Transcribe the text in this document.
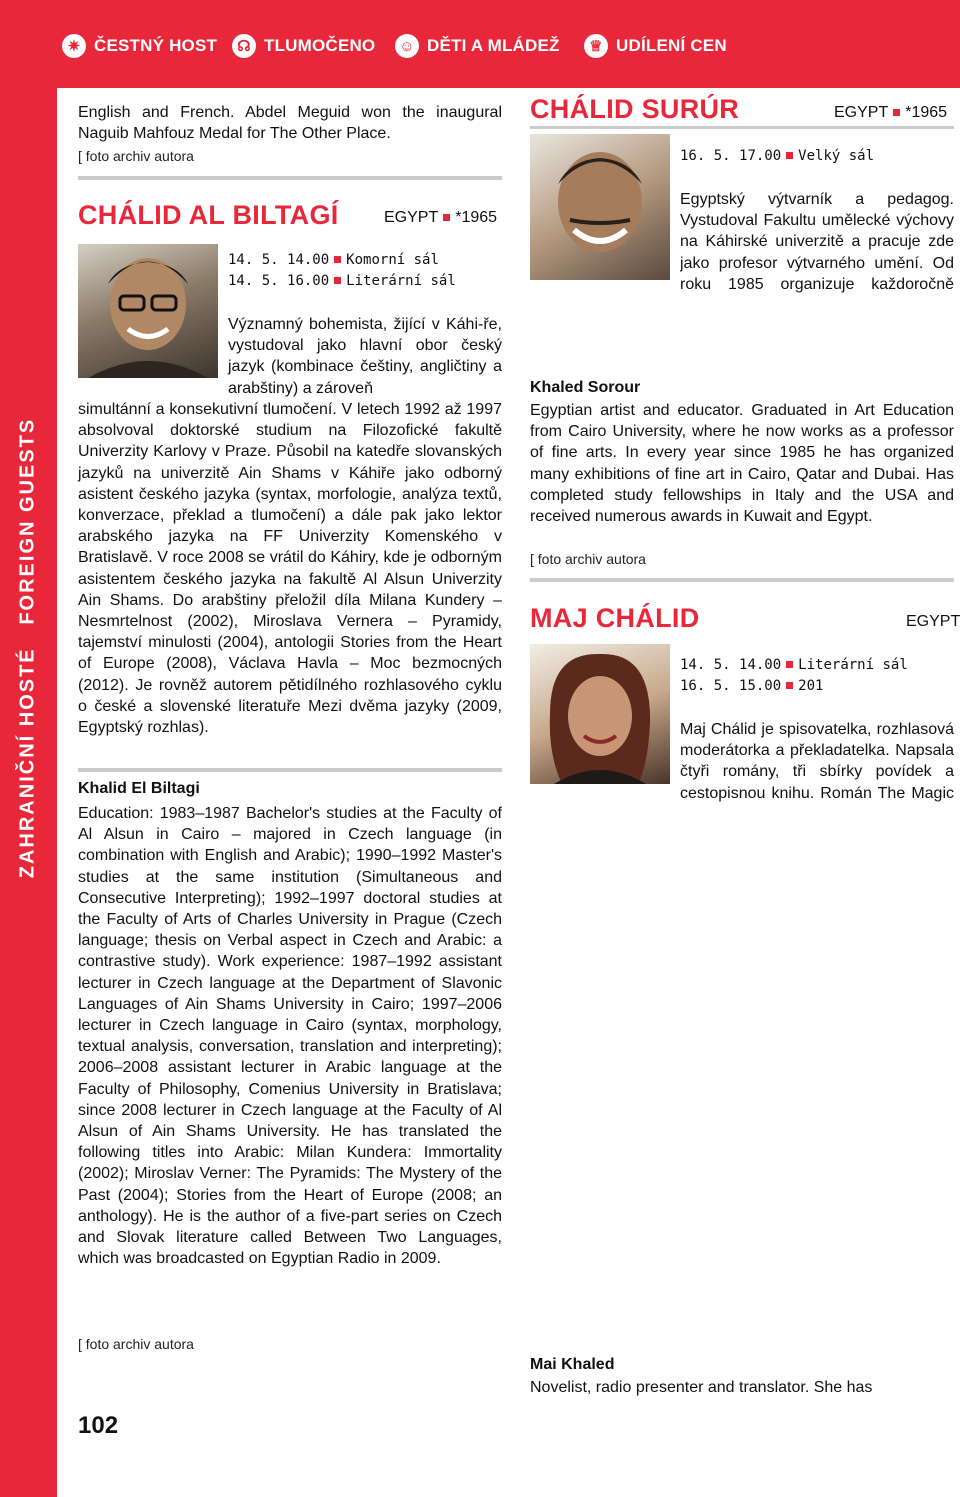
✷ ČESTNÝ HOST	☊ TLUMOČENO ☺ DĚTI A MLÁDEŽ	♕ UDÍLENÍ CEN
ZAHRANIČNÍ HOSTÉ   FOREIGN GUESTS
English and French. Abdel Meguid won the inaugural Naguib Mahfouz Medal for The Other Place.
[ foto archiv autora
CHÁLID AL BILTAGÍ	EGYPT *1965
14. 5. 14.00 Komorní sál
14. 5. 16.00 Literární sál
Významný bohemista, žijící v Káhi-ře, vystudoval jako hlavní obor český jazyk (kombinace češtiny, angličtiny a arabštiny) a zároveň
simultánní a konsekutivní tlumočení. V letech 1992 až 1997 absolvoval doktorské studium na Filozofické fakultě Univerzity Karlovy v Praze. Působil na katedře slovanských jazyků na univerzitě Ain Shams v Káhiře jako odborný asistent českého jazyka (syntax, morfologie, analýza textů, konverzace, překlad a tlumočení) a dále pak jako lektor arabského jazyka na FF Univerzity Komenského v Bratislavě. V roce 2008 se vrátil do Káhiry, kde je odborným asistentem českého jazyka na fakultě Al Alsun Univerzity Ain Shams. Do arabštiny přeložil díla Milana Kundery – Nesmrtelnost (2002), Miroslava Vernera – Pyramidy, tajemství minulosti (2004), antologii Stories from the Heart of Europe (2008), Václava Havla – Moc bezmocných (2012). Je rovněž autorem pětidílného rozhlasového cyklu o české a slovenské literatuře Mezi dvěma jazyky (2009, Egyptský rozhlas).
Khalid El Biltagi
Education: 1983–1987 Bachelor's studies at the Faculty of Al Alsun in Cairo – majored in Czech language (in combination with English and Arabic); 1990–1992 Master's studies at the same institution (Simultaneous and Consecutive Interpreting); 1992–1997 doctoral studies at the Faculty of Arts of Charles University in Prague (Czech language; thesis on Verbal aspect in Czech and Arabic: a contrastive study). Work experience: 1987–1992 assistant lecturer in Czech language at the Department of Slavonic Languages of Ain Shams University in Cairo; 1997–2006 lecturer in Czech language in Cairo (syntax, morphology, textual analysis, conversation, translation and interpreting); 2006–2008 assistant lecturer in Arabic language at the Faculty of Philosophy, Comenius University in Bratislava; since 2008 lecturer in Czech language at the Faculty of Al Alsun of Ain Shams University. He has translated the following titles into Arabic: Milan Kundera: Immortality (2002); Miroslav Verner: The Pyramids: The Mystery of the Past (2004); Stories from the Heart of Europe (2008; an anthology). He is the author of a five-part series on Czech and Slovak literature called Between Two Languages, which was broadcasted on Egyptian Radio in 2009.
[ foto archiv autora
102
CHÁLID SURÚR	EGYPT *1965
16. 5. 17.00 Velký sál
Egyptský výtvarník a pedagog. Vystudoval Fakultu umělecké výchovy na Káhirské univerzitě a pracuje zde jako profesor výtvarného umění. Od roku 1985 organizuje každoročně
Khaled Sorour
Egyptian artist and educator. Graduated in Art Education from Cairo University, where he now works as a professor of fine arts. In every year since 1985 he has organized many exhibitions of fine art in Cairo, Qatar and Dubai. Has completed study fellowships in Italy and the USA and received numerous awards in Kuwait and Egypt.
[ foto archiv autora
MAJ CHÁLID	EGYPT
14. 5. 14.00 Literární sál
16. 5. 15.00 201
Maj Chálid je spisovatelka, rozhlasová moderátorka a překladatelka. Napsala čtyři romány, tři sbírky povídek a cestopisnou knihu. Román The Magic
Mai Khaled
Novelist, radio presenter and translator. She has
